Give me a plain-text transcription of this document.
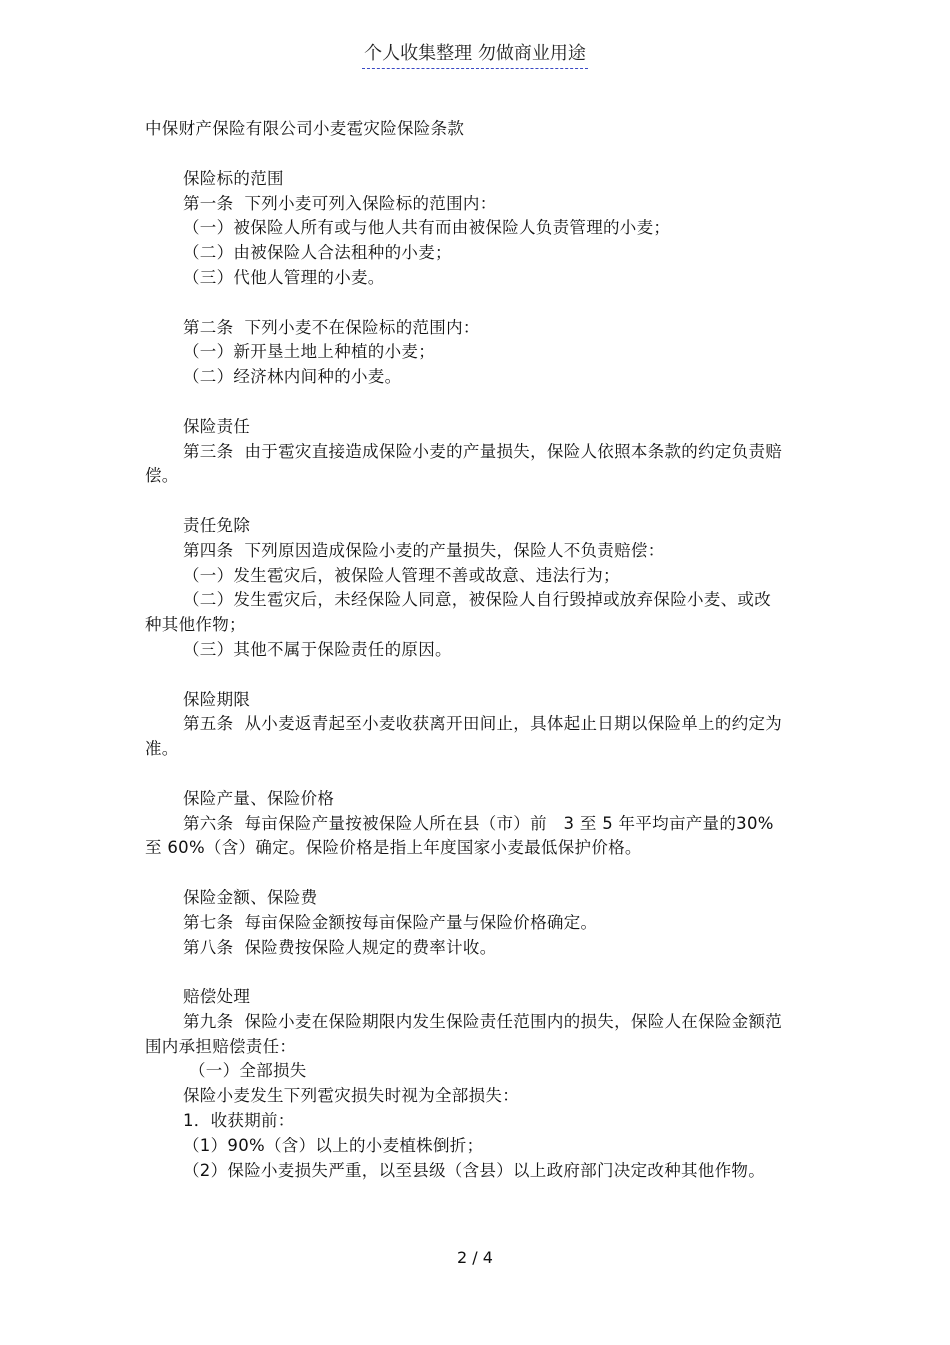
个人收集整理 勿做商业用途

中保财产保险有限公司小麦雹灾险保险条款

保险标的范围

第一条  下列小麦可列入保险标的范围内：

（一）被保险人所有或与他人共有而由被保险人负责管理的小麦；

（二）由被保险人合法租种的小麦；

（三）代他人管理的小麦。

第二条  下列小麦不在保险标的范围内：

（一）新开垦土地上种植的小麦；

（二）经济林内间种的小麦。

保险责任

第三条  由于雹灾直接造成保险小麦的产量损失，保险人依照本条款的约定负责赔偿。

责任免除

第四条  下列原因造成保险小麦的产量损失，保险人不负责赔偿：

（一）发生雹灾后，被保险人管理不善或故意、违法行为；

（二）发生雹灾后，未经保险人同意，被保险人自行毁掉或放弃保险小麦、或改种其他作物；

（三）其他不属于保险责任的原因。

保险期限

第五条  从小麦返青起至小麦收获离开田间止，具体起止日期以保险单上的约定为准。

保险产量、保险价格

第六条  每亩保险产量按被保险人所在县（市）前   3 至 5 年平均亩产量的30%至 60%（含）确定。保险价格是指上年度国家小麦最低保护价格。

保险金额、保险费

第七条  每亩保险金额按每亩保险产量与保险价格确定。

第八条  保险费按保险人规定的费率计收。

赔偿处理

第九条  保险小麦在保险期限内发生保险责任范围内的损失，保险人在保险金额范围内承担赔偿责任：

（一）全部损失

保险小麦发生下列雹灾损失时视为全部损失：

1．收获期前：

（1）90%（含）以上的小麦植株倒折；

（2）保险小麦损失严重，以至县级（含县）以上政府部门决定改种其他作物。

2 / 4
